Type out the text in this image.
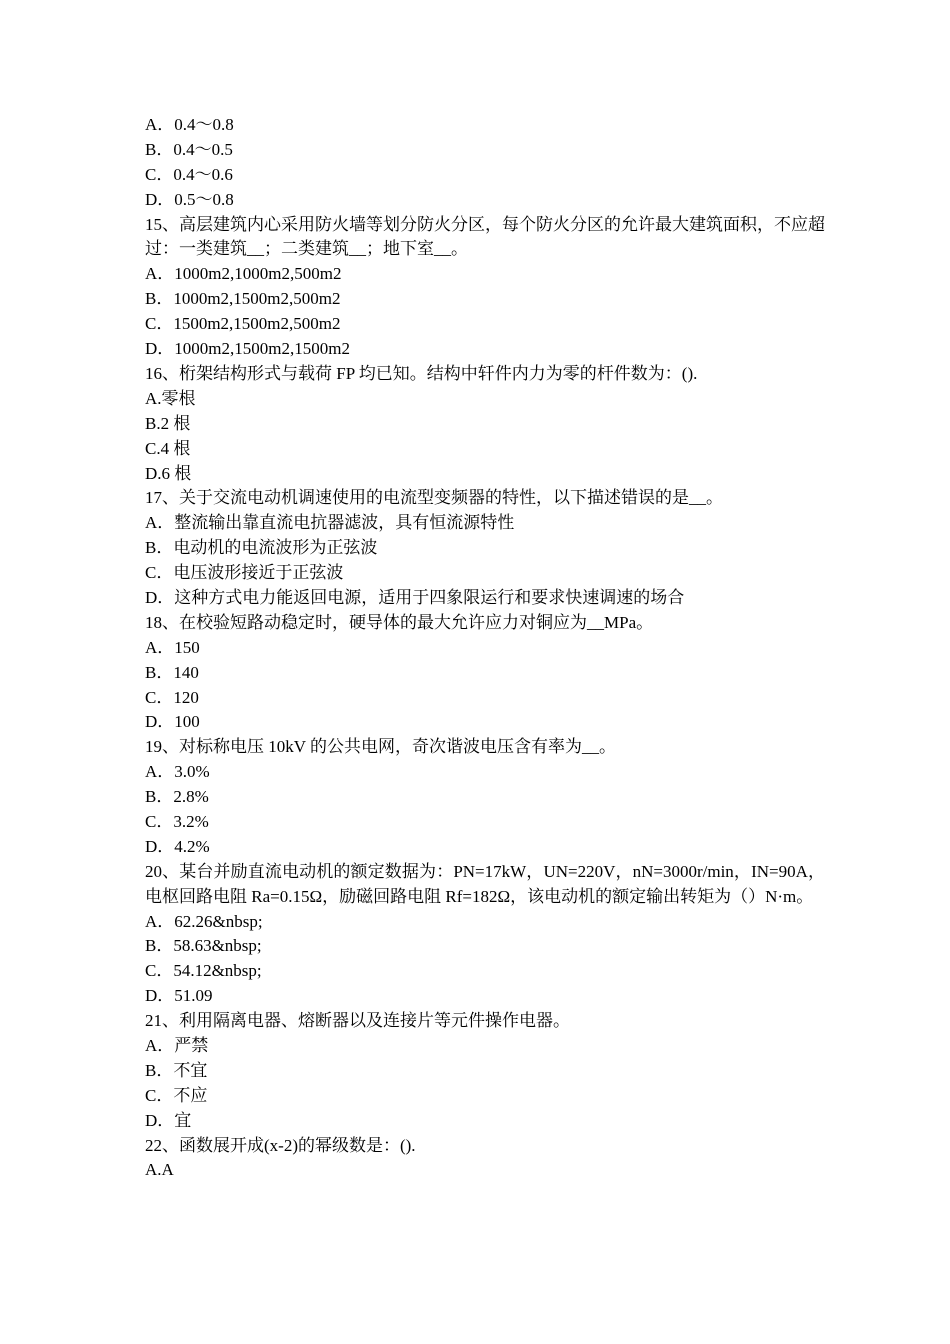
A．0.4～0.8
B．0.4～0.5
C．0.4～0.6
D．0.5～0.8
15、高层建筑内心采用防火墙等划分防火分区，每个防火分区的允许最大建筑面积，不应超过：一类建筑__；二类建筑__；地下室__。
A．1000m2,1000m2,500m2
B．1000m2,1500m2,500m2
C．1500m2,1500m2,500m2
D．1000m2,1500m2,1500m2
16、桁架结构形式与载荷 FP 均已知。结构中轩件内力为零的杆件数为：().
A.零根
B.2 根
C.4 根
D.6 根
17、关于交流电动机调速使用的电流型变频器的特性，以下描述错误的是__。
A．整流输出靠直流电抗器滤波，具有恒流源特性
B．电动机的电流波形为正弦波
C．电压波形接近于正弦波
D．这种方式电力能返回电源，适用于四象限运行和要求快速调速的场合
18、在校验短路动稳定时，硬导体的最大允许应力对铜应为__MPa。
A．150
B．140
C．120
D．100
19、对标称电压 10kV 的公共电网，奇次谐波电压含有率为__。
A．3.0%
B．2.8%
C．3.2%
D．4.2%
20、某台并励直流电动机的额定数据为：PN=17kW，UN=220V，nN=3000r/min，IN=90A，电枢回路电阻 Ra=0.15Ω，励磁回路电阻 Rf=182Ω，该电动机的额定输出转矩为（）N·m。
A．62.26&nbsp;
B．58.63&nbsp;
C．54.12&nbsp;
D．51.09
21、利用隔离电器、熔断器以及连接片等元件操作电器。
A．严禁
B．不宜
C．不应
D．宜
22、函数展开成(x-2)的幂级数是：().
A.A
